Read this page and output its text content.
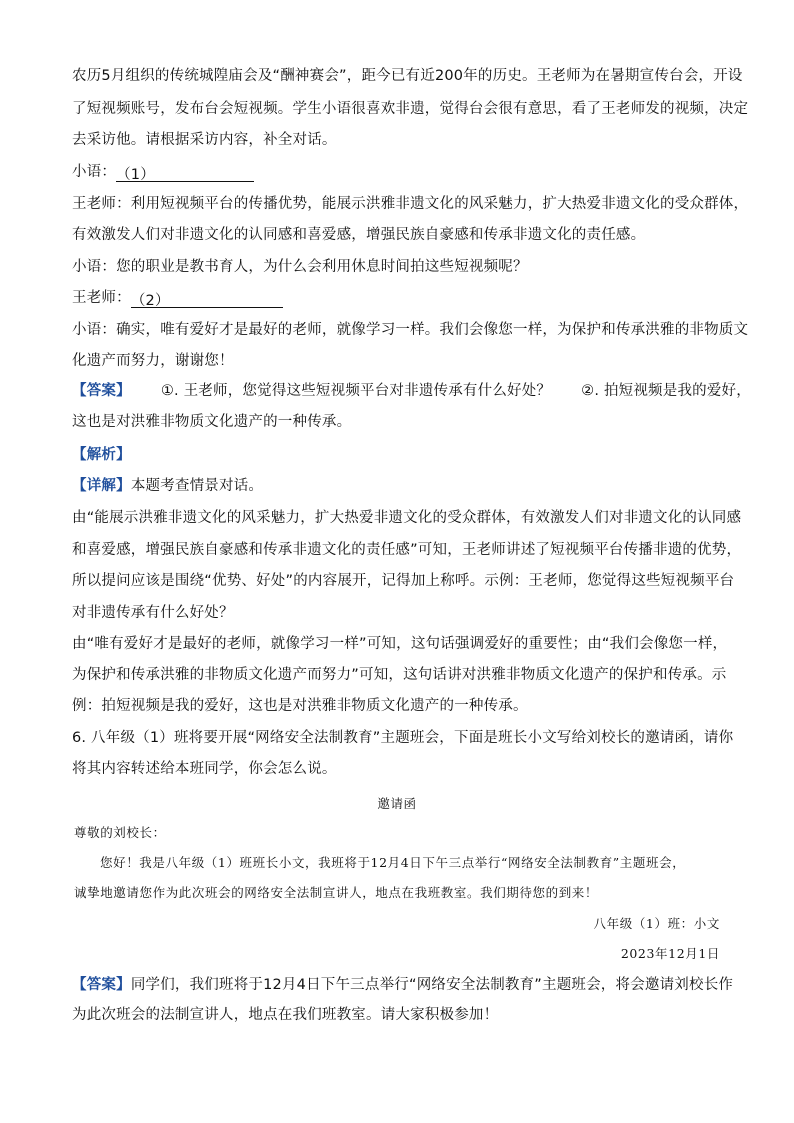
农历5月组织的传统城隍庙会及“酬神赛会”，距今已有近200年的历史。王老师为在暑期宣传台会，开设
了短视频账号，发布台会短视频。学生小语很喜欢非遗，觉得台会很有意思，看了王老师发的视频，决定
去采访他。请根据采访内容，补全对话。
小语：（1）
王老师：利用短视频平台的传播优势，能展示洪雅非遗文化的风采魅力，扩大热爱非遗文化的受众群体，
有效激发人们对非遗文化的认同感和喜爱感，增强民族自豪感和传承非遗文化的责任感。
小语：您的职业是教书育人，为什么会利用休息时间拍这些短视频呢？
王老师：（2）
小语：确实，唯有爱好才是最好的老师，就像学习一样。我们会像您一样，为保护和传承洪雅的非物质文
化遗产而努力，谢谢您！
【答案】 ①. 王老师，您觉得这些短视频平台对非遗传承有什么好处？ ②. 拍短视频是我的爱好，
这也是对洪雅非物质文化遗产的一种传承。
【解析】
【详解】本题考查情景对话。
由“能展示洪雅非遗文化的风采魅力，扩大热爱非遗文化的受众群体，有效激发人们对非遗文化的认同感
和喜爱感，增强民族自豪感和传承非遗文化的责任感”可知，王老师讲述了短视频平台传播非遗的优势，
所以提问应该是围绕“优势、好处”的内容展开，记得加上称呼。示例：王老师，您觉得这些短视频平台
对非遗传承有什么好处？
由“唯有爱好才是最好的老师，就像学习一样”可知，这句话强调爱好的重要性；由“我们会像您一样，
为保护和传承洪雅的非物质文化遗产而努力”可知，这句话讲对洪雅非物质文化遗产的保护和传承。示
例：拍短视频是我的爱好，这也是对洪雅非物质文化遗产的一种传承。
6. 八年级（1）班将要开展“网络安全法制教育”主题班会，下面是班长小文写给刘校长的邀请函，请你
将其内容转述给本班同学，你会怎么说。
邀请函
尊敬的刘校长：
您好！我是八年级（1）班班长小文，我班将于12月4日下午三点举行“网络安全法制教育”主题班会，
诚挚地邀请您作为此次班会的网络安全法制宣讲人，地点在我班教室。我们期待您的到来！
八年级（1）班：小文
2023年12月1日
【答案】同学们，我们班将于12月4日下午三点举行“网络安全法制教育”主题班会，将会邀请刘校长作
为此次班会的法制宣讲人，地点在我们班教室。请大家积极参加！
